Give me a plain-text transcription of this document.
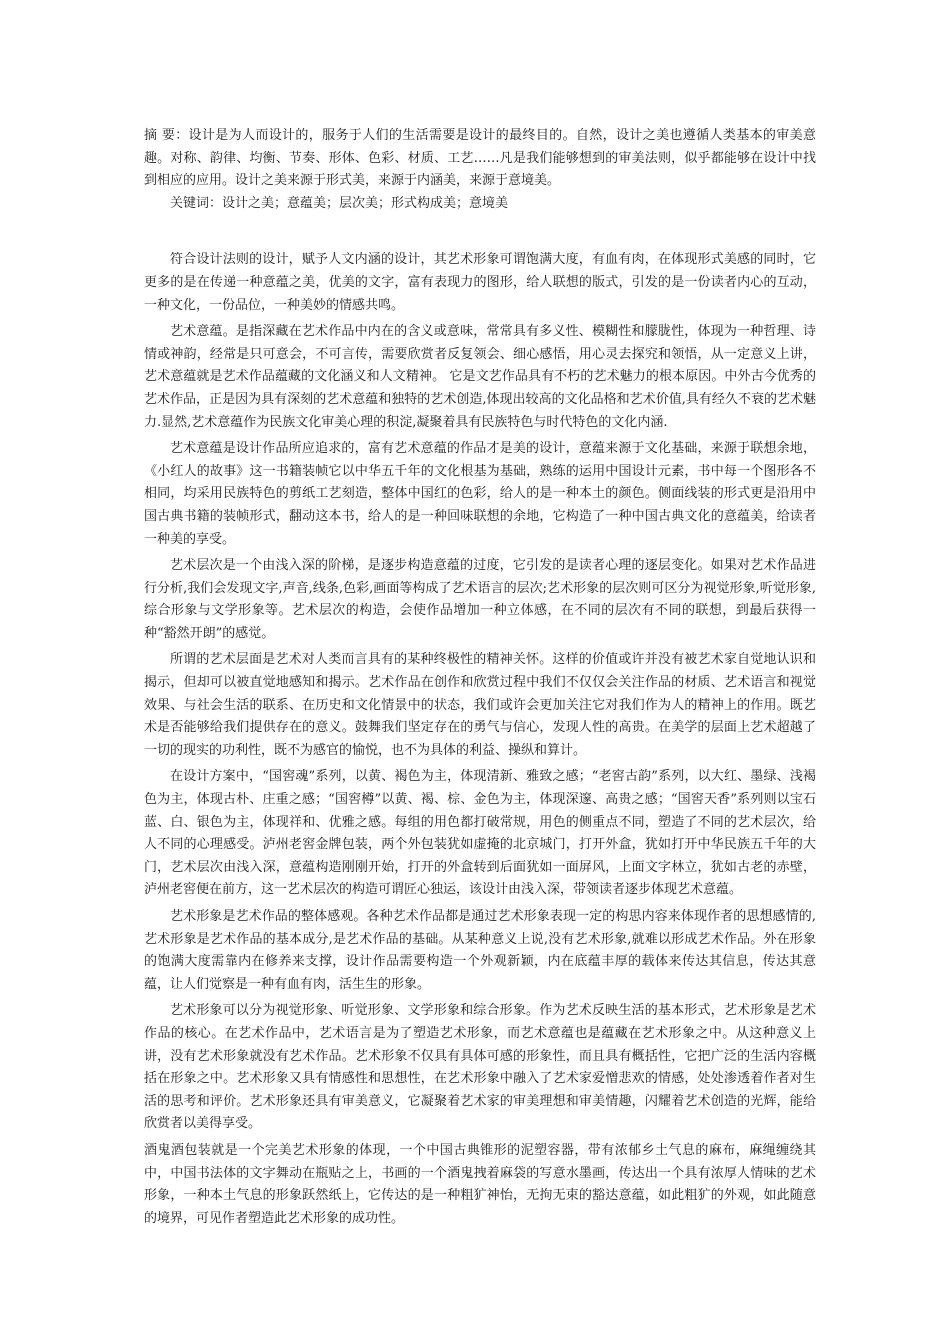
摘 要：设计是为人而设计的，服务于人们的生活需要是设计的最终目的。自然，设计之美也遵循人类基本的审美意趣。对称、韵律、均衡、节奏、形体、色彩、材质、工艺……凡是我们能够想到的审美法则，似乎都能够在设计中找到相应的应用。设计之美来源于形式美，来源于内涵美，来源于意境美。

关键词：设计之美；意蕴美；层次美；形式构成美；意境美

符合设计法则的设计，赋予人文内涵的设计，其艺术形象可谓饱满大度，有血有肉，在体现形式美感的同时，它更多的是在传递一种意蕴之美，优美的文字，富有表现力的图形，给人联想的版式，引发的是一份读者内心的互动，一种文化，一份品位，一种美妙的情感共鸣。

艺术意蕴。是指深藏在艺术作品中内在的含义或意味，常常具有多义性、模糊性和朦胧性，体现为一种哲理、诗情或神韵，经常是只可意会，不可言传，需要欣赏者反复领会、细心感悟，用心灵去探究和领悟，从一定意义上讲，艺术意蕴就是艺术作品蕴藏的文化涵义和人文精神。 它是文艺作品具有不朽的艺术魅力的根本原因。中外古今优秀的艺术作品，正是因为具有深刻的艺术意蕴和独特的艺术创造,体现出较高的文化品格和艺术价值,具有经久不衰的艺术魅力.显然,艺术意蕴作为民族文化审美心理的积淀,凝聚着具有民族特色与时代特色的文化内涵.

艺术意蕴是设计作品所应追求的，富有艺术意蕴的作品才是美的设计，意蕴来源于文化基础，来源于联想余地，《小红人的故事》这一书籍装帧它以中华五千年的文化根基为基础，熟练的运用中国设计元素，书中每一个图形各不相同，均采用民族特色的剪纸工艺刻造，整体中国红的色彩，给人的是一种本土的颜色。侧面线装的形式更是沿用中国古典书籍的装帧形式，翻动这本书，给人的是一种回味联想的余地，它构造了一种中国古典文化的意蕴美，给读者一种美的享受。

艺术层次是一个由浅入深的阶梯，是逐步构造意蕴的过度，它引发的是读者心理的逐层变化。如果对艺术作品进行分析,我们会发现文字,声音,线条,色彩,画面等构成了艺术语言的层次;艺术形象的层次则可区分为视觉形象,听觉形象,综合形象与文学形象等。艺术层次的构造，会使作品增加一种立体感，在不同的层次有不同的联想，到最后获得一种“豁然开朗”的感觉。

所谓的艺术层面是艺术对人类而言具有的某种终极性的精神关怀。这样的价值或许并没有被艺术家自觉地认识和揭示，但却可以被直觉地感知和揭示。艺术作品在创作和欣赏过程中我们不仅仅会关注作品的材质、艺术语言和视觉效果、与社会生活的联系、在历史和文化情景中的状态，我们或许会更加关注它对我们作为人的精神上的作用。既艺术是否能够给我们提供存在的意义。鼓舞我们坚定存在的勇气与信心，发现人性的高贵。在美学的层面上艺术超越了一切的现实的功利性，既不为感官的愉悦，也不为具体的利益、操纵和算计。

在设计方案中，“国窖魂”系列，以黄、褐色为主，体现清新、雅致之感；“老窖古韵”系列，以大红、墨绿、浅褐色为主，体现古朴、庄重之感；“国窖樽”以黄、褐、棕、金色为主，体现深邃、高贵之感；“国窖天香”系列则以宝石蓝、白、银色为主，体现祥和、优雅之感。每组的用色都打破常规，用色的侧重点不同，塑造了不同的艺术层次，给人不同的心理感受。泸州老窖金牌包装，两个外包装犹如虚掩的北京城门，打开外盒，犹如打开中华民族五千年的大门，艺术层次由浅入深，意蕴构造刚刚开始，打开的外盒转到后面犹如一面屏风，上面文字林立，犹如古老的赤壁，泸州老窖便在前方，这一艺术层次的构造可谓匠心独运，该设计由浅入深，带领读者逐步体现艺术意蕴。

艺术形象是艺术作品的整体感观。各种艺术作品都是通过艺术形象表现一定的构思内容来体现作者的思想感情的,艺术形象是艺术作品的基本成分,是艺术作品的基础。从某种意义上说,没有艺术形象,就难以形成艺术作品。外在形象的饱满大度需靠内在修养来支撑，设计作品需要构造一个外观新颖，内在底蕴丰厚的载体来传达其信息，传达其意蕴，让人们觉察是一种有血有肉，活生生的形象。

艺术形象可以分为视觉形象、听觉形象、文学形象和综合形象。作为艺术反映生活的基本形式，艺术形象是艺术作品的核心。在艺术作品中，艺术语言是为了塑造艺术形象，而艺术意蕴也是蕴藏在艺术形象之中。从这种意义上讲，没有艺术形象就没有艺术作品。艺术形象不仅具有具体可感的形象性，而且具有概括性，它把广泛的生活内容概括在形象之中。艺术形象又具有情感性和思想性，在艺术形象中融入了艺术家爱憎悲欢的情感，处处渗透着作者对生活的思考和评价。艺术形象还具有审美意义，它凝聚着艺术家的审美理想和审美情趣，闪耀着艺术创造的光辉，能给欣赏者以美得享受。

酒鬼酒包装就是一个完美艺术形象的体现，一个中国古典锥形的泥塑容器，带有浓郁乡土气息的麻布，麻绳缠绕其中，中国书法体的文字舞动在瓶贴之上，书画的一个酒鬼拽着麻袋的写意水墨画，传达出一个具有浓厚人情味的艺术形象，一种本土气息的形象跃然纸上，它传达的是一种粗犷神怡，无拘无束的豁达意蕴，如此粗犷的外观，如此随意的境界，可见作者塑造此艺术形象的成功性。
